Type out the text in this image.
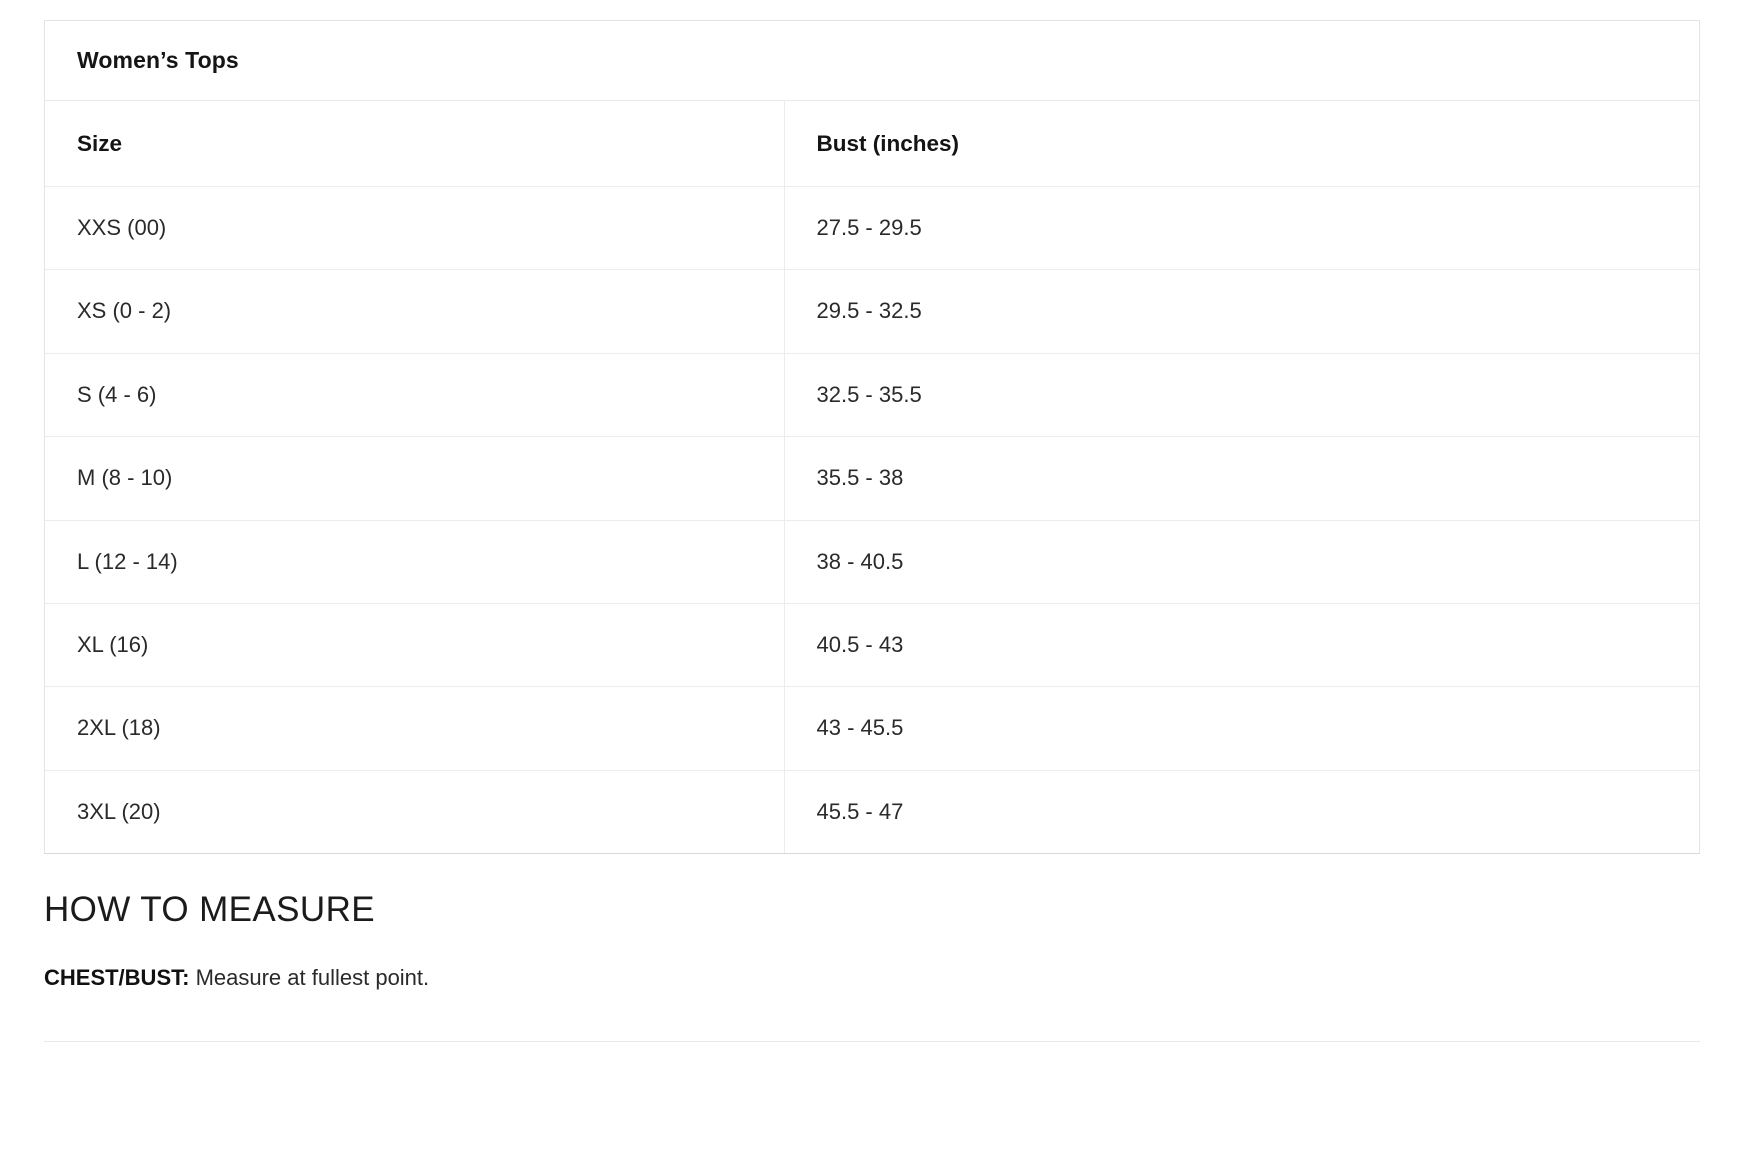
Women’s Tops
Size	Bust (inches)
XXS (00)	27.5 - 29.5
XS (0 - 2)	29.5 - 32.5
S (4 - 6)	32.5 - 35.5
M (8 - 10)	35.5 - 38
L (12 - 14)	38 - 40.5
XL (16)	40.5 - 43
2XL (18)	43 - 45.5
3XL (20)	45.5 - 47
HOW TO MEASURE

CHEST/BUST: Measure at fullest point.
